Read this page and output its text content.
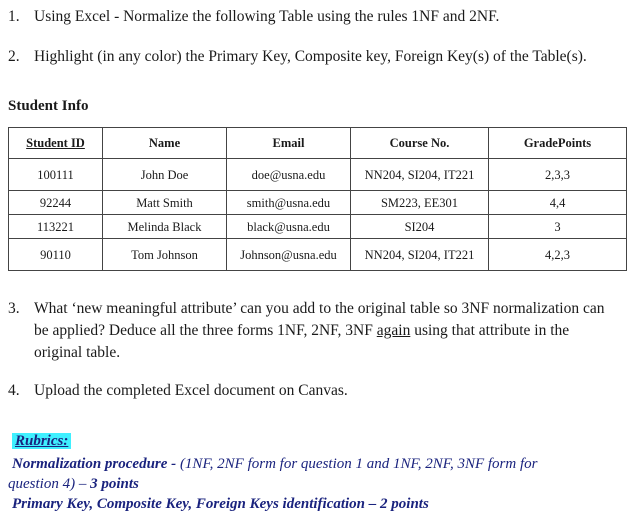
1. Using Excel - Normalize the following Table using the rules 1NF and 2NF.
2. Highlight (in any color) the Primary Key, Composite key, Foreign Key(s) of the Table(s).
Student Info
Student ID	Name	Email	Course No.	GradePoints
100111	John Doe	doe@usna.edu	NN204, SI204, IT221	2,3,3
92244	Matt Smith	smith@usna.edu	SM223, EE301	4,4
113221	Melinda Black	black@usna.edu	SI204	3
90110	Tom Johnson	Johnson@usna.edu	NN204, SI204, IT221	4,2,3
3. What ‘new meaningful attribute’ can you add to the original table so 3NF normalization can
be applied? Deduce all the three forms 1NF, 2NF, 3NF again using that attribute in the
original table.
4. Upload the completed Excel document on Canvas.
Rubrics:
Normalization procedure - (1NF, 2NF form for question 1 and 1NF, 2NF, 3NF form for
question 4) – 3 points
Primary Key, Composite Key, Foreign Keys identification – 2 points
